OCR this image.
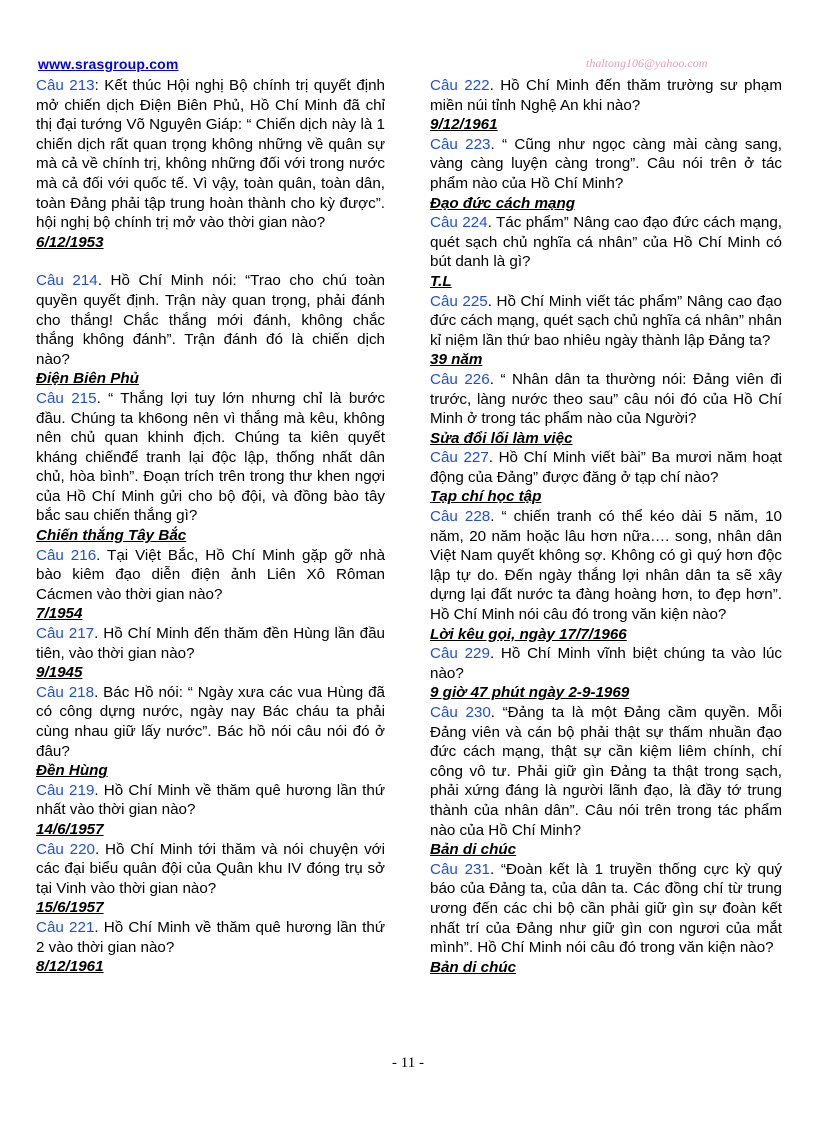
www.srasgroup.com	thaltong106@yahoo.com

Câu 213: Kết thúc Hội nghị Bộ chính trị quyết định mở chiến dịch Điện Biên Phủ, Hồ Chí Minh đã chỉ thị đại tướng Võ Nguyên Giáp: “ Chiến dịch này là 1 chiến dịch rất quan trọng không những về quân sự mà cả về chính trị, không những đối với trong nước mà cả đối với quốc tế. Vì vậy, toàn quân, toàn dân, toàn Đảng phải tập trung hoàn thành cho kỳ được”. hội nghị bộ chính trị mở vào thời gian nào?

6/12/1953

Câu 214. Hồ Chí Minh nói: “Trao cho chú toàn quyền quyết định. Trận này quan trọng, phải đánh cho thắng! Chắc thắng mới đánh, không chắc thắng không đánh”. Trận đánh đó là chiến dịch nào?

Điện Biên Phủ

Câu 215. “ Thắng lợi tuy lớn nhưng chỉ là bước đầu. Chúng ta kh6ong nên vì thắng mà kêu, không nên chủ quan khinh địch. Chúng ta kiên quyết kháng chiếnđể tranh lại độc lập, thống nhất dân chủ, hòa bình”. Đoạn trích trên trong thư khen ngợi của Hồ Chí Minh gửi cho bộ đội, và đồng bào tây bắc sau chiến thắng gì?

Chiến thắng Tây Bắc

Câu 216. Tại Việt Bắc, Hồ Chí Minh gặp gỡ nhà bào kiêm đạo diễn điện ảnh Liên Xô Rôman Cácmen vào thời gian nào?

7/1954

Câu 217. Hồ Chí Minh đến thăm đền Hùng lần đầu tiên, vào thời gian nào?

9/1945

Câu 218. Bác Hồ nói: “ Ngày xưa các vua Hùng đã có công dựng nước, ngày nay Bác cháu ta phải cùng nhau giữ lấy nước”. Bác hồ nói câu nói đó ở đâu?

Đền Hùng

Câu 219. Hồ Chí Minh về thăm quê hương lần thứ nhất vào thời gian nào?

14/6/1957

Câu 220. Hồ Chí Minh tới thăm và nói chuyện với các đại biểu quân đội của Quân khu IV đóng trụ sở tại Vinh vào thời gian nào?

15/6/1957

Câu 221. Hồ Chí Minh về thăm quê hương lần thứ 2 vào thời gian nào?

8/12/1961

Câu 222. Hồ Chí Minh đến thăm trường sư phạm miền núi tỉnh Nghệ An khi nào?

9/12/1961

Câu 223. “ Cũng như ngọc càng mài càng sang, vàng càng luyện càng trong”. Câu nói trên ở tác phẩm nào của Hồ Chí Minh?

Đạo đức cách mạng

Câu 224. Tác phẩm” Nâng cao đạo đức cách mạng, quét sạch chủ nghĩa cá nhân” của Hồ Chí Minh có bút danh là gì?

T.L

Câu 225. Hồ Chí Minh viết tác phẩm” Nâng cao đạo đức cách mạng, quét sạch chủ nghĩa cá nhân” nhân kỉ niệm lần thứ bao nhiêu ngày thành lập Đảng ta?

39 năm

Câu 226. “ Nhân dân ta thường nói: Đảng viên đi trước, làng nước theo sau” câu nói đó của Hồ Chí Minh ở trong tác phẩm nào của Người?

Sửa đổi lối làm việc

Câu 227. Hồ Chí Minh viết bài” Ba mươi năm hoạt động của Đảng” được đăng ở tạp chí nào?

Tạp chí học tập

Câu 228. “ chiến tranh có thể kéo dài 5 năm, 10 năm, 20 năm hoặc lâu hơn nữa…. song, nhân dân Việt Nam quyết không sợ. Không có gì quý hơn độc lập tự do. Đến ngày thắng lợi nhân dân ta sẽ xây dựng lại đất nước ta đàng hoàng hơn, to đẹp hơn”. Hồ Chí Minh nói câu đó trong văn kiện nào?

Lời kêu gọi, ngày 17/7/1966

Câu 229. Hồ Chí Minh vĩnh biệt chúng ta vào lúc nào?

9 giờ 47 phút ngày 2-9-1969

Câu 230. “Đảng ta là một Đảng cầm quyền. Mỗi Đảng viên và cán bộ phải thật sự thấm nhuần đạo đức cách mạng, thật sự cần kiệm liêm chính, chí công vô tư. Phải giữ gìn Đảng ta thật trong sạch, phải xứng đáng là người lãnh đạo, là đầy tớ trung thành của nhân dân”. Câu nói trên trong tác phẩm nào của Hồ Chí Minh?

Bản di chúc

Câu 231. “Đoàn kết là 1 truyền thống cực kỳ quý báo của Đảng ta, của dân ta. Các đồng chí từ trung ương đến các chi bộ cần phải giữ gìn sự đoàn kết nhất trí của Đảng như giữ gìn con ngươi của mắt mình”. Hồ Chí Minh nói câu đó trong văn kiện nào?

Bản di chúc

- 11 -
